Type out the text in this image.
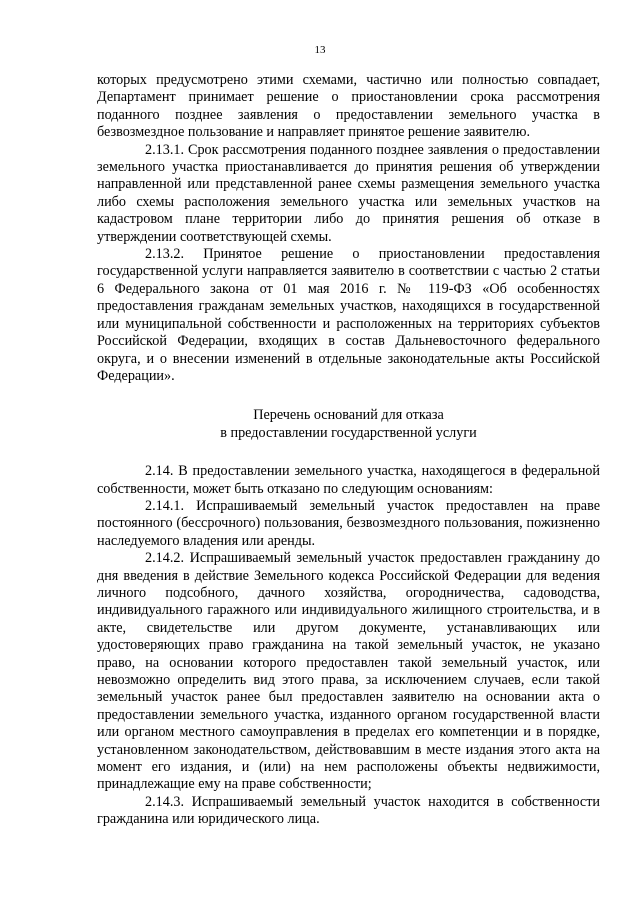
13

которых предусмотрено этими схемами, частично или полностью совпадает, Департамент принимает решение о приостановлении срока рассмотрения поданного позднее заявления о предоставлении земельного участка в безвозмездное пользование и направляет принятое решение заявителю.

2.13.1. Срок рассмотрения поданного позднее заявления о предоставлении земельного участка приостанавливается до принятия решения об утверждении направленной или представленной ранее схемы размещения земельного участка либо схемы расположения земельного участка или земельных участков на кадастровом плане территории либо до принятия решения об отказе в утверждении соответствующей схемы.

2.13.2. Принятое решение о приостановлении предоставления государственной услуги направляется заявителю в соответствии с частью 2 статьи 6 Федерального закона от 01 мая 2016 г. № 119-ФЗ «Об особенностях предоставления гражданам земельных участков, находящихся в государственной или муниципальной собственности и расположенных на территориях субъектов Российской Федерации, входящих в состав Дальневосточного федерального округа, и о внесении изменений в отдельные законодательные акты Российской Федерации».

Перечень оснований для отказа
в предоставлении государственной услуги

2.14. В предоставлении земельного участка, находящегося в федеральной собственности, может быть отказано по следующим основаниям:

2.14.1. Испрашиваемый земельный участок предоставлен на праве постоянного (бессрочного) пользования, безвозмездного пользования, пожизненно наследуемого владения или аренды.

2.14.2. Испрашиваемый земельный участок предоставлен гражданину до дня введения в действие Земельного кодекса Российской Федерации для ведения личного подсобного, дачного хозяйства, огородничества, садоводства, индивидуального гаражного или индивидуального жилищного строительства, и в акте, свидетельстве или другом документе, устанавливающих или удостоверяющих право гражданина на такой земельный участок, не указано право, на основании которого предоставлен такой земельный участок, или невозможно определить вид этого права, за исключением случаев, если такой земельный участок ранее был предоставлен заявителю на основании акта о предоставлении земельного участка, изданного органом государственной власти или органом местного самоуправления в пределах его компетенции и в порядке, установленном законодательством, действовавшим в месте издания этого акта на момент его издания, и (или) на нем расположены объекты недвижимости, принадлежащие ему на праве собственности;

2.14.3. Испрашиваемый земельный участок находится в собственности гражданина или юридического лица.
